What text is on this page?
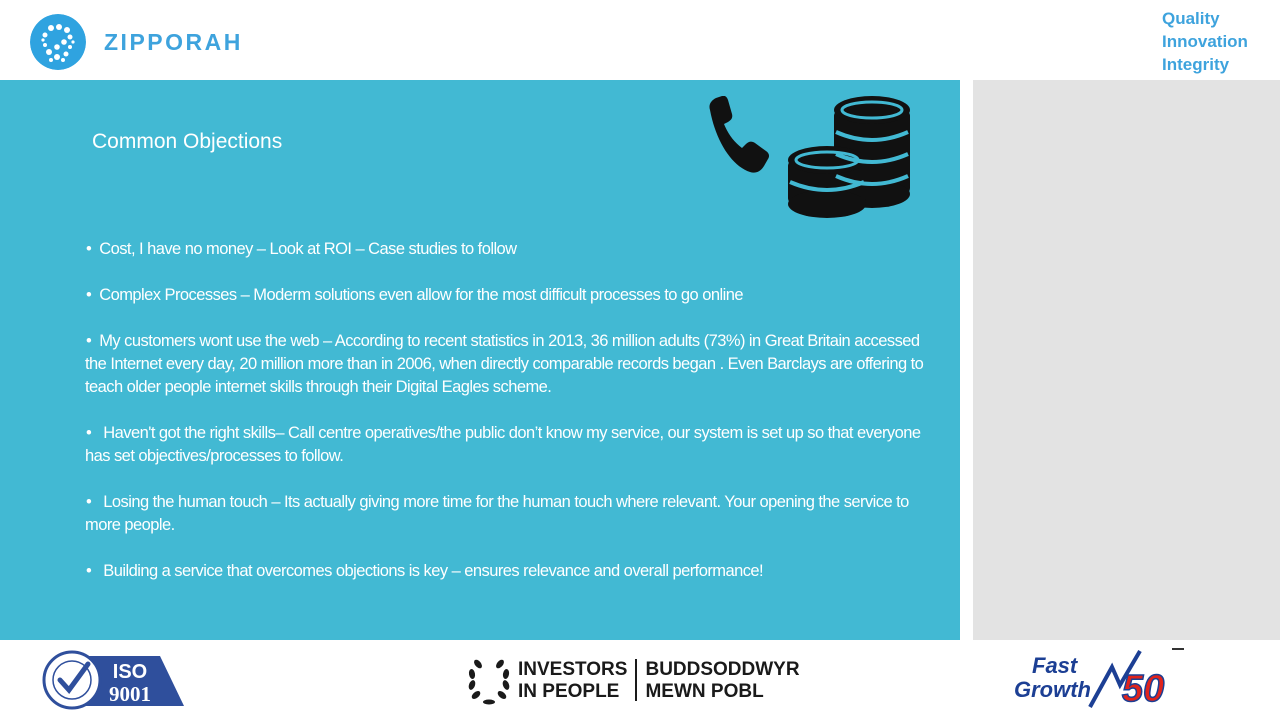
ZIPPORAH
Quality
Innovation
Integrity
Common Objections

• Cost, I have no money – Look at ROI – Case studies to follow

• Complex Processes – Moderm solutions even allow for the most difficult processes to go online

• My customers wont use the web – According to recent statistics in 2013, 36 million adults (73%) in Great Britain accessed the Internet every day, 20 million more than in 2006, when directly comparable records began . Even Barclays are offering to teach older people internet skills through their Digital Eagles scheme.

• Haven't got the right skills– Call centre operatives/the public don’t know my service, our system is set up so that everyone has set objectives/processes to follow.

• Losing the human touch – Its actually giving more time for the human touch where relevant. Your opening the service to more people.

• Building a service that overcomes objections is key – ensures relevance and overall performance!

ISO
9001
INVESTORS
IN PEOPLEBUDDSODDWYR
MEWN POBL
Fast
Growth 50
